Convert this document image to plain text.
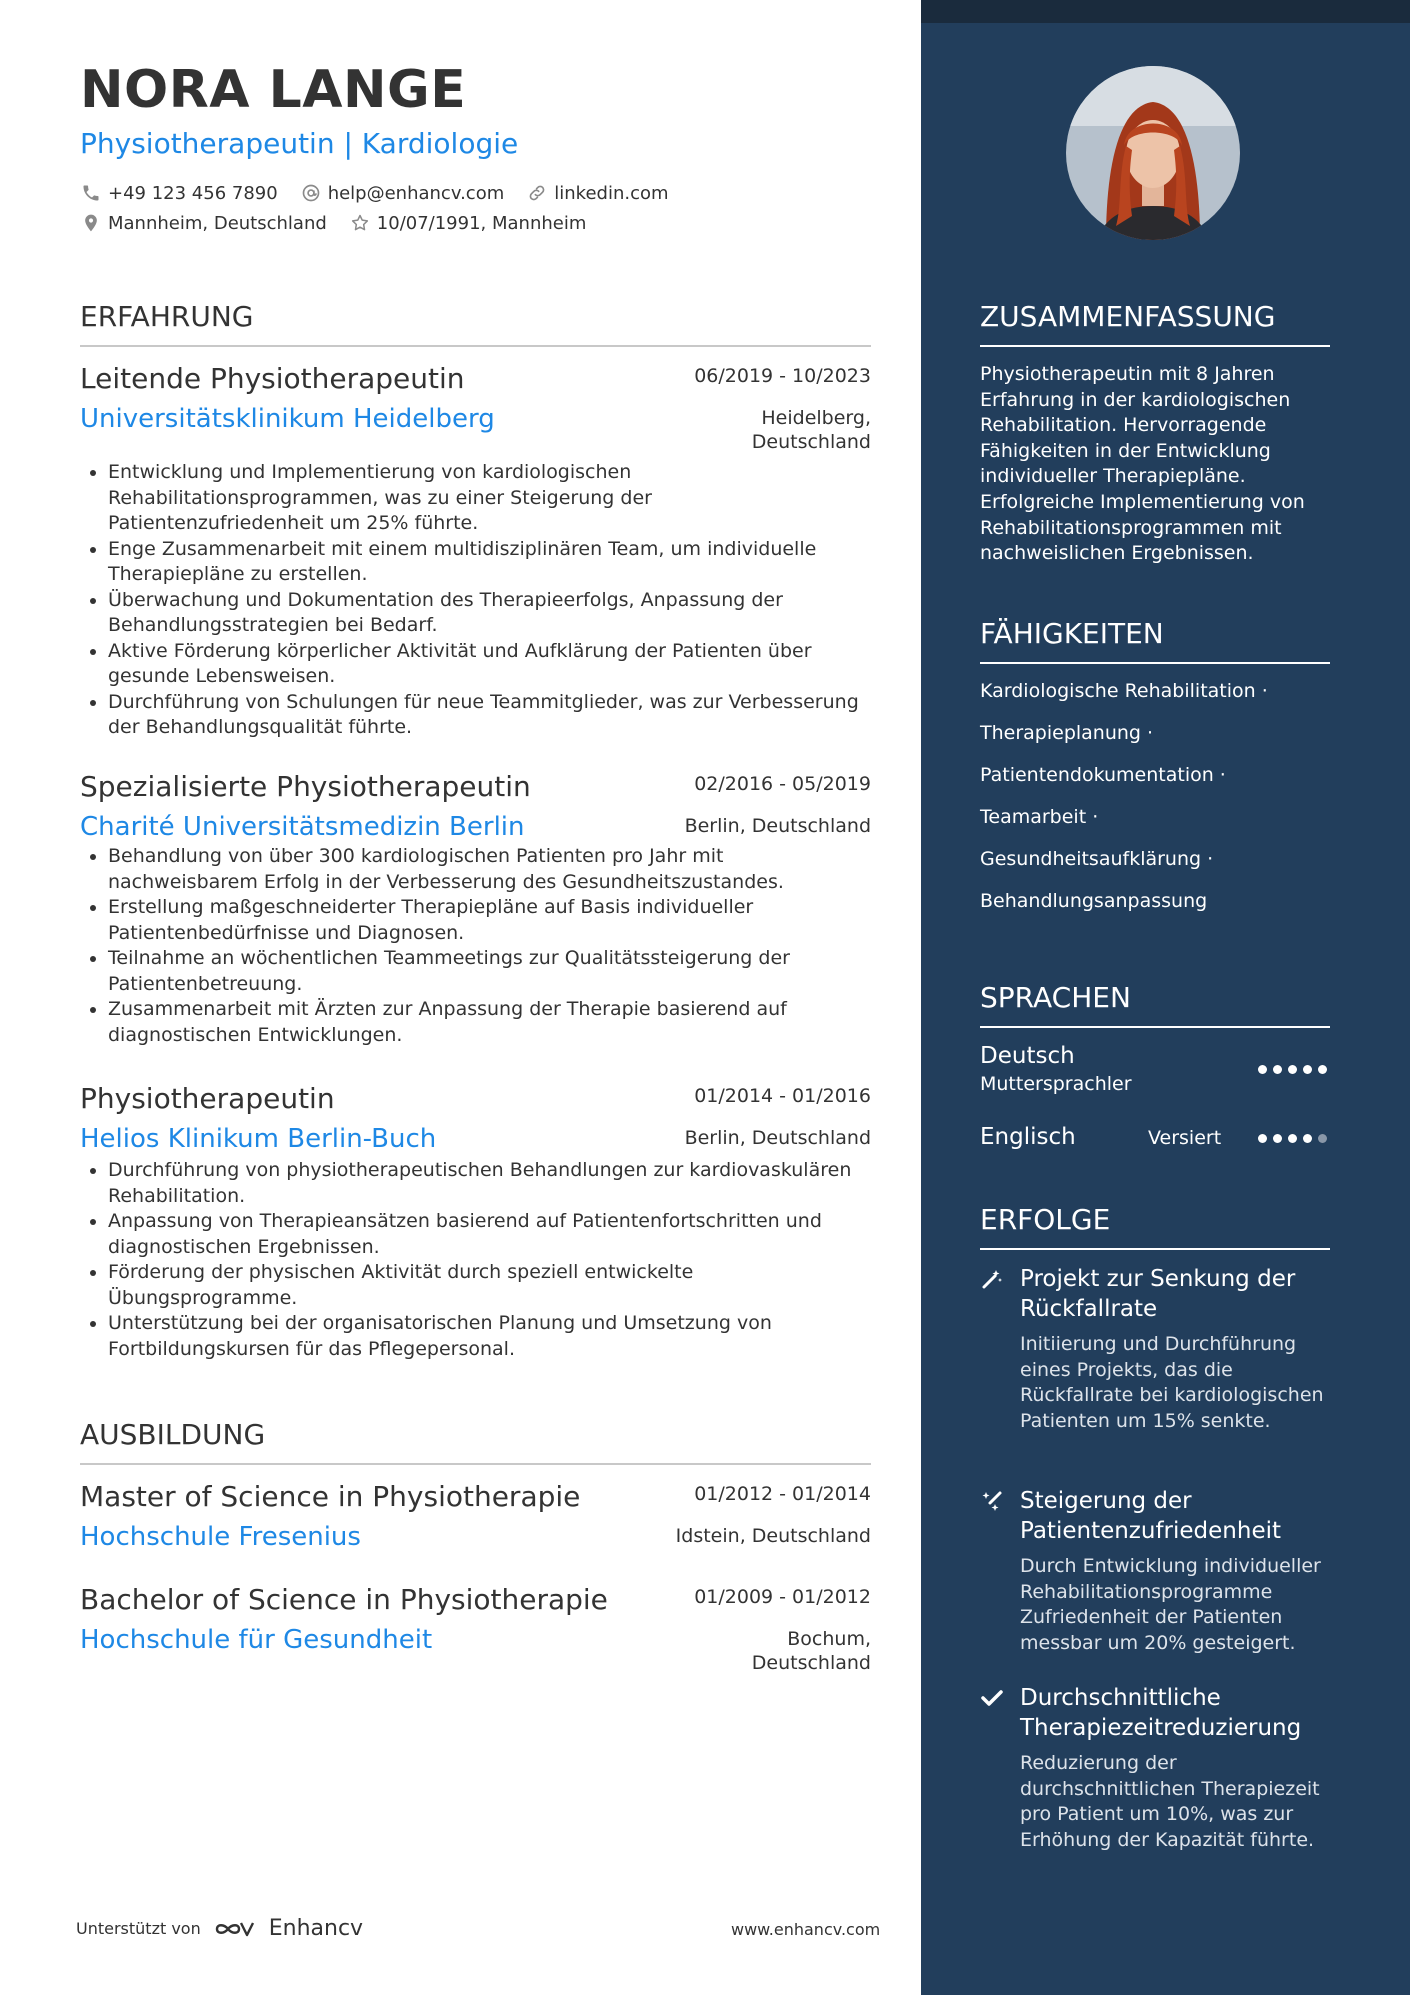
NORA LANGE
Physiotherapeutin | Kardiologie
+49 123 456 7890	help@enhancv.com	linkedin.com
Mannheim, Deutschland	10/07/1991, Mannheim
ERFAHRUNG
Leitende Physiotherapeutin	06/2019 - 10/2023
Universitätsklinikum Heidelberg	Heidelberg, Deutschland
• Entwicklung und Implementierung von kardiologischen Rehabilitationsprogrammen, was zu einer Steigerung der Patientenzufriedenheit um 25% führte.
• Enge Zusammenarbeit mit einem multidisziplinären Team, um individuelle Therapiepläne zu erstellen.
• Überwachung und Dokumentation des Therapieerfolgs, Anpassung der Behandlungsstrategien bei Bedarf.
• Aktive Förderung körperlicher Aktivität und Aufklärung der Patienten über gesunde Lebensweisen.
• Durchführung von Schulungen für neue Teammitglieder, was zur Verbesserung der Behandlungsqualität führte.
Spezialisierte Physiotherapeutin	02/2016 - 05/2019
Charité Universitätsmedizin Berlin	Berlin, Deutschland
• Behandlung von über 300 kardiologischen Patienten pro Jahr mit nachweisbarem Erfolg in der Verbesserung des Gesundheitszustandes.
• Erstellung maßgeschneiderter Therapiepläne auf Basis individueller Patientenbedürfnisse und Diagnosen.
• Teilnahme an wöchentlichen Teammeetings zur Qualitätssteigerung der Patientenbetreuung.
• Zusammenarbeit mit Ärzten zur Anpassung der Therapie basierend auf diagnostischen Entwicklungen.
Physiotherapeutin	01/2014 - 01/2016
Helios Klinikum Berlin-Buch	Berlin, Deutschland
• Durchführung von physiotherapeutischen Behandlungen zur kardiovaskulären Rehabilitation.
• Anpassung von Therapieansätzen basierend auf Patientenfortschritten und diagnostischen Ergebnissen.
• Förderung der physischen Aktivität durch speziell entwickelte Übungsprogramme.
• Unterstützung bei der organisatorischen Planung und Umsetzung von Fortbildungskursen für das Pflegepersonal.
AUSBILDUNG
Master of Science in Physiotherapie	01/2012 - 01/2014
Hochschule Fresenius	Idstein, Deutschland
Bachelor of Science in Physiotherapie	01/2009 - 01/2012
Hochschule für Gesundheit	Bochum, Deutschland
Unterstützt von	Enhancv	www.enhancv.com
ZUSAMMENFASSUNG

Physiotherapeutin mit 8 Jahren Erfahrung in der kardiologischen Rehabilitation. Hervorragende Fähigkeiten in der Entwicklung individueller Therapiepläne. Erfolgreiche Implementierung von Rehabilitationsprogrammen mit nachweislichen Ergebnissen.

FÄHIGKEITEN
Kardiologische Rehabilitation ·
Therapieplanung ·
Patientendokumentation ·
Teamarbeit ·
Gesundheitsaufklärung ·
Behandlungsanpassung
SPRACHEN
Deutsch
Muttersprachler
Englisch	Versiert
ERFOLGE
Projekt zur Senkung der Rückfallrate
Initiierung und Durchführung eines Projekts, das die Rückfallrate bei kardiologischen Patienten um 15% senkte.
Steigerung der Patientenzufriedenheit
Durch Entwicklung individueller Rehabilitationsprogramme Zufriedenheit der Patienten messbar um 20% gesteigert.
Durchschnittliche Therapiezeitreduzierung
Reduzierung der durchschnittlichen Therapiezeit pro Patient um 10%, was zur Erhöhung der Kapazität führte.
